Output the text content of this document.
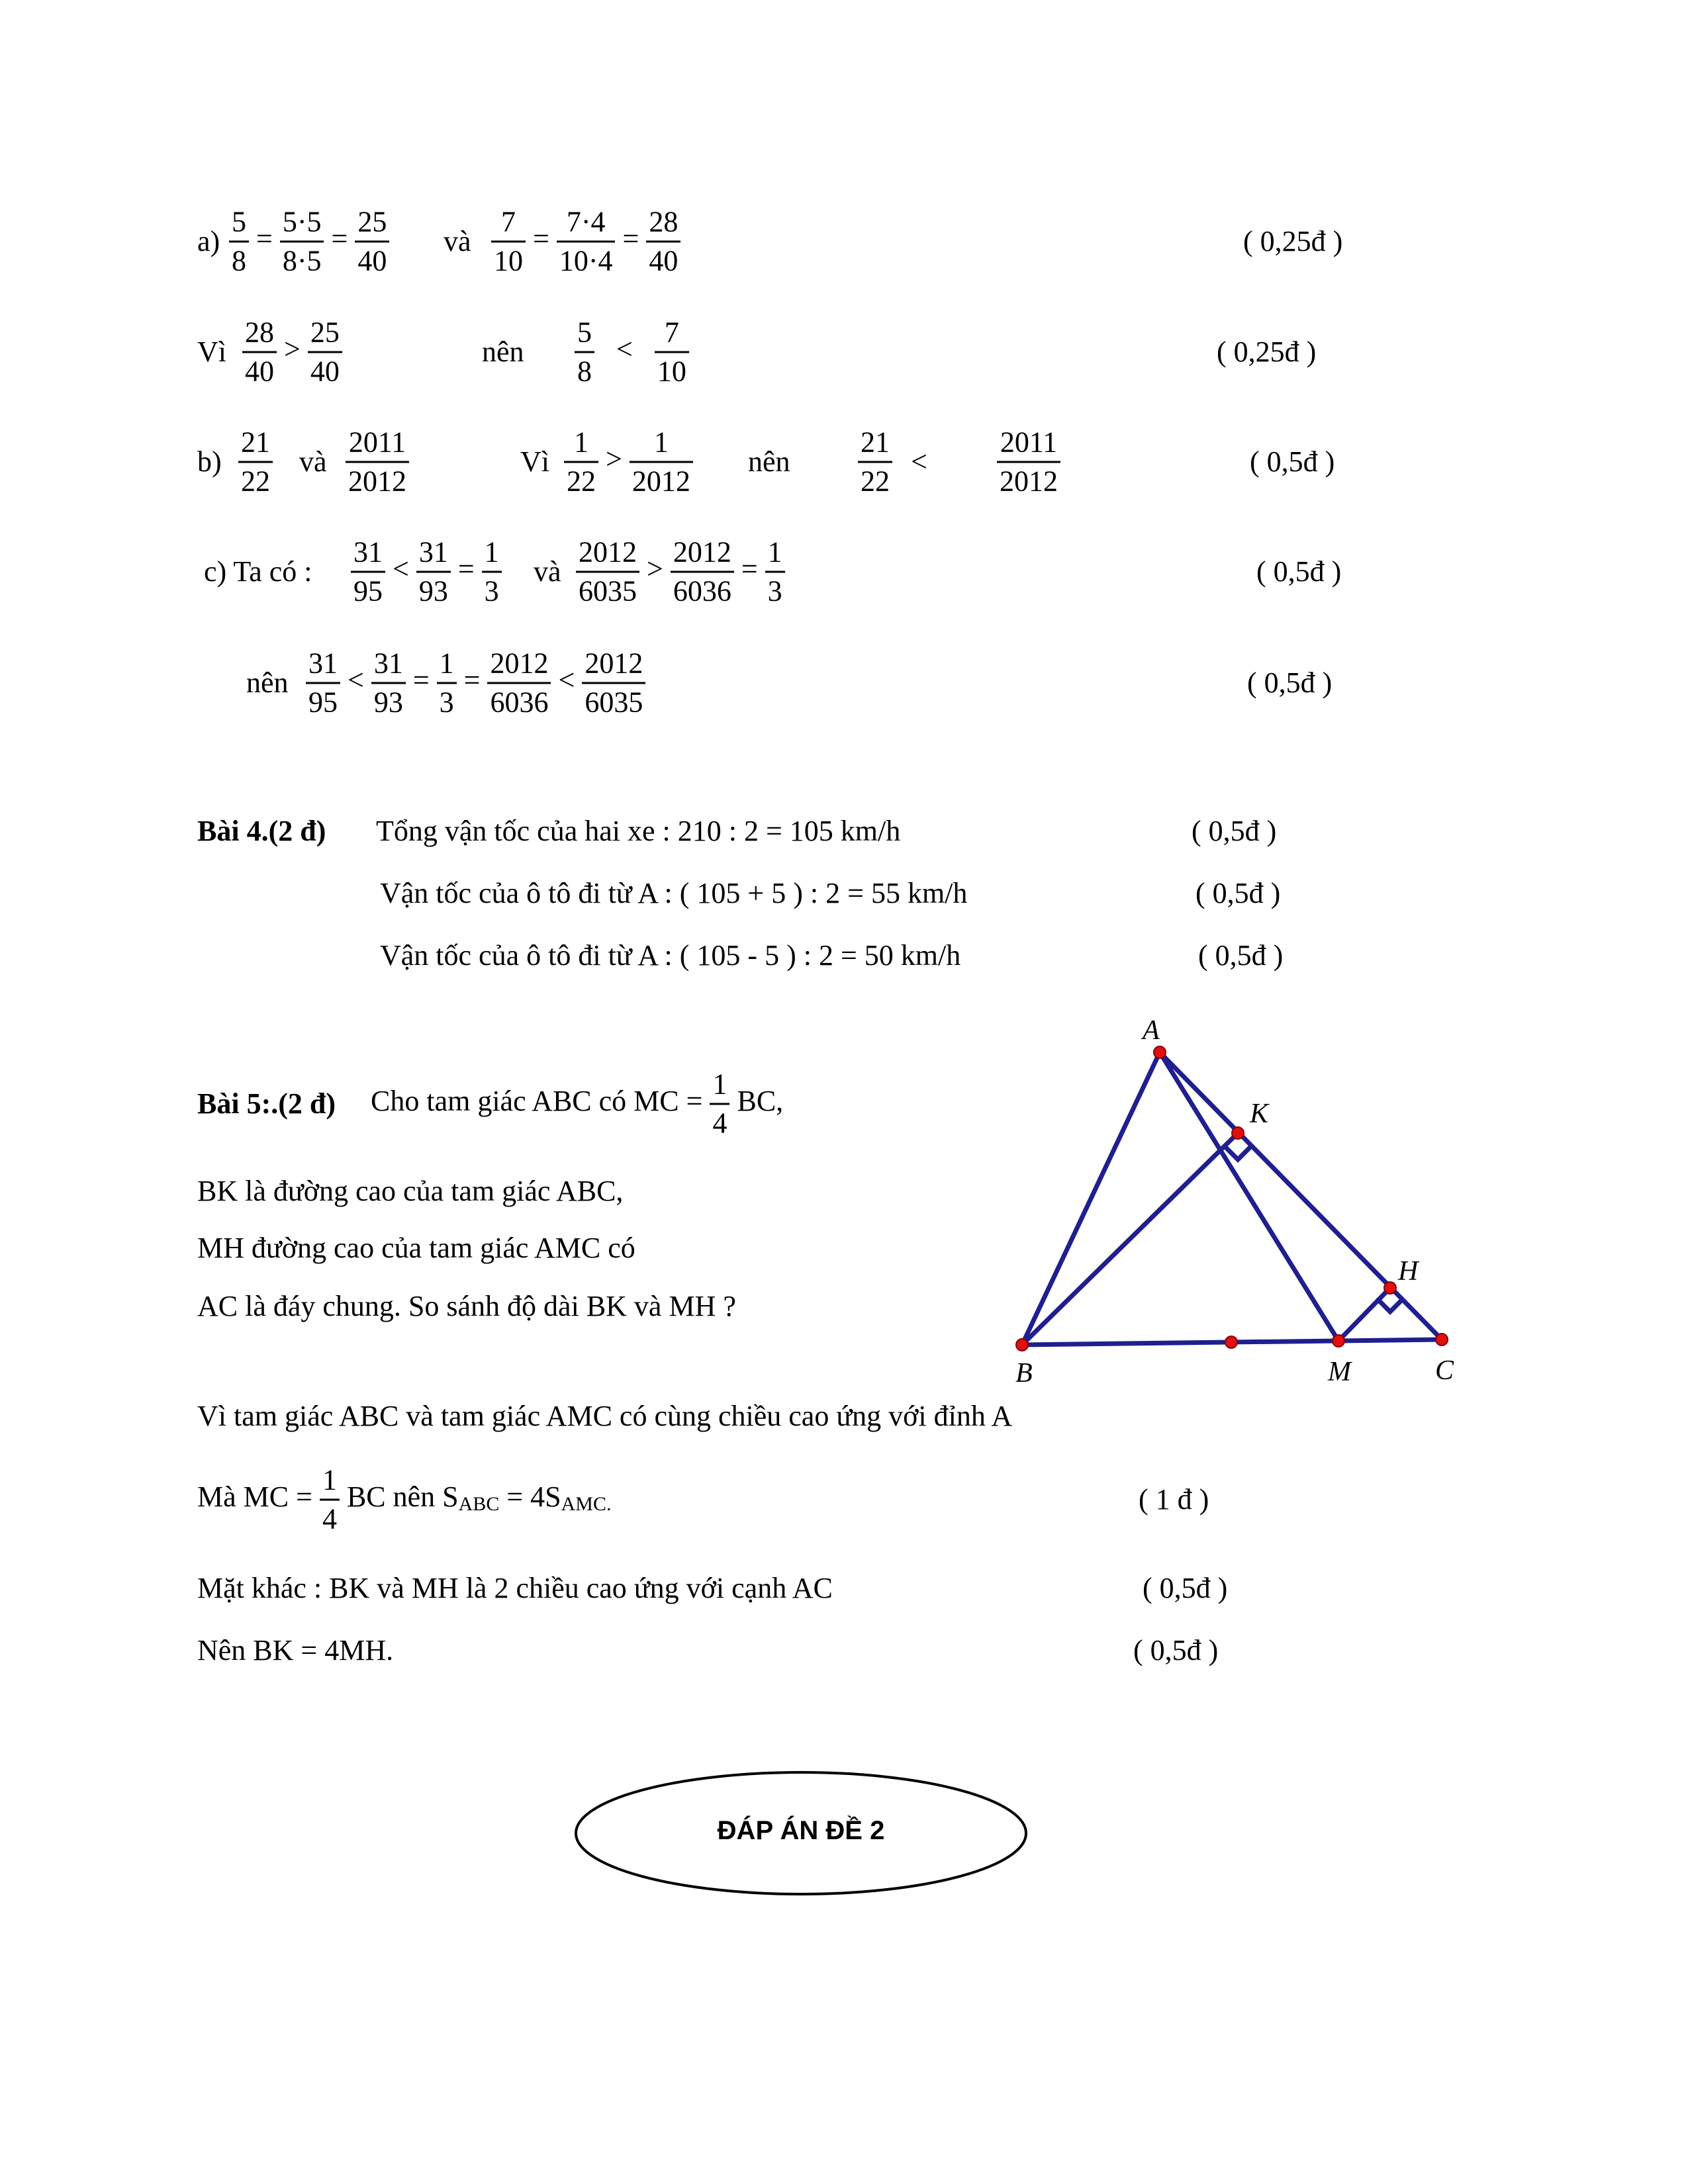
$a) \frac{5}{8} = \frac{5\cdot 5}{8\cdot 5} = \frac{25}{40}$ và $\frac{7}{10} = \frac{7\cdot 4}{10\cdot 4} = \frac{28}{40}$	( 0,25đ )
Vì $\frac{28}{40} > \frac{25}{40}$	nên $\frac{5}{8} < \frac{7}{10}$	( 0,25đ )
$b) \frac{21}{22}$ và $\frac{2011}{2012}$	Vì $\frac{1}{22} > \frac{1}{2012}$ nên $\frac{21}{22} < \frac{2011}{2012}$	( 0,5đ )
c) Ta có : $\frac{31}{95} < \frac{31}{93} = \frac{1}{3}$ và $\frac{2012}{6035} > \frac{2012}{6036} = \frac{1}{3}$	( 0,5đ )
nên $\frac{31}{95} < \frac{31}{93} = \frac{1}{3} = \frac{2012}{6036} < \frac{2012}{6035}$	( 0,5đ )
Bài 4.(2 đ) Tổng vận tốc của hai xe : 210 : 2 = 105 km/h	( 0,5đ )
Vận tốc của ô tô đi từ A : ( 105 + 5 ) : 2 = 55 km/h	( 0,5đ )
Vận tốc của ô tô đi từ A : ( 105 - 5 ) : 2 = 50 km/h	( 0,5đ )
Bài 5:.(2 đ) Cho tam giác ABC có MC = $\frac{1}{4}$ BC,
BK là đường cao của tam giác ABC,
MH đường cao của tam giác AMC có
AC là đáy chung. So sánh độ dài BK và MH ?
Vì tam giác ABC và tam giác AMC có cùng chiều cao ứng với đỉnh A
Mà MC = $\frac{1}{4}$ BC nên $S_{ABC} = 4S_{AMC.}$	( 1 đ )
Mặt khác : BK và MH là 2 chiều cao ứng với cạnh AC	( 0,5đ )
Nên BK = 4MH.	( 0,5đ )
A
K
H
B	M	C
ĐÁP ÁN ĐỀ 2
